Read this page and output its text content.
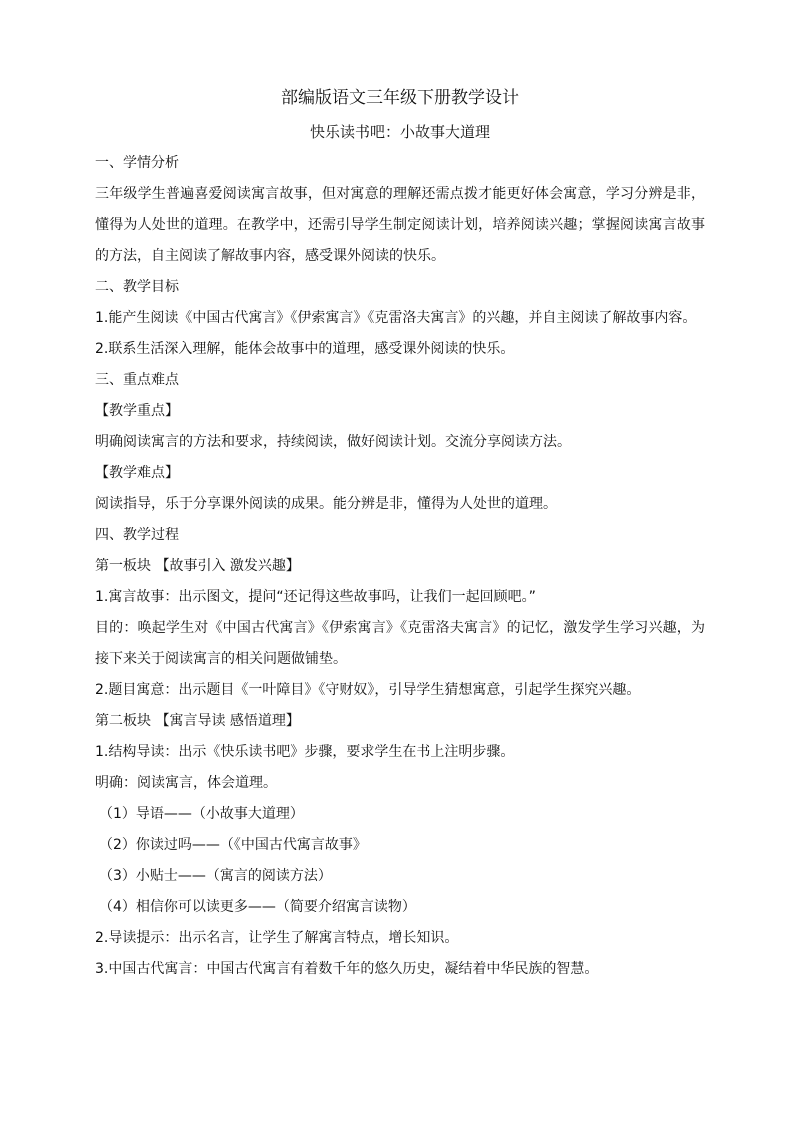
部编版语文三年级下册教学设计
快乐读书吧：小故事大道理

一、学情分析

三年级学生普遍喜爱阅读寓言故事，但对寓意的理解还需点拨才能更好体会寓意，学习分辨是非，懂得为人处世的道理。在教学中，还需引导学生制定阅读计划，培养阅读兴趣；掌握阅读寓言故事的方法，自主阅读了解故事内容，感受课外阅读的快乐。

二、教学目标

1.能产生阅读《中国古代寓言》《伊索寓言》《克雷洛夫寓言》的兴趣，并自主阅读了解故事内容。

2.联系生活深入理解，能体会故事中的道理，感受课外阅读的快乐。

三、重点难点

【教学重点】

明确阅读寓言的方法和要求，持续阅读，做好阅读计划。交流分享阅读方法。

【教学难点】

阅读指导，乐于分享课外阅读的成果。能分辨是非，懂得为人处世的道理。

四、教学过程

第一板块 【故事引入 激发兴趣】

1.寓言故事：出示图文，提问“还记得这些故事吗，让我们一起回顾吧。”

目的：唤起学生对《中国古代寓言》《伊索寓言》《克雷洛夫寓言》的记忆，激发学生学习兴趣，为接下来关于阅读寓言的相关问题做铺垫。

2.题目寓意：出示题目《一叶障目》《守财奴》，引导学生猜想寓意，引起学生探究兴趣。

第二板块 【寓言导读 感悟道理】

1.结构导读：出示《快乐读书吧》步骤，要求学生在书上注明步骤。

明确：阅读寓言，体会道理。

（1）导语——（小故事大道理）

（2）你读过吗——（《中国古代寓言故事》

（3）小贴士——（寓言的阅读方法）

（4）相信你可以读更多——（简要介绍寓言读物）

2.导读提示：出示名言，让学生了解寓言特点，增长知识。

3.中国古代寓言：中国古代寓言有着数千年的悠久历史，凝结着中华民族的智慧。
